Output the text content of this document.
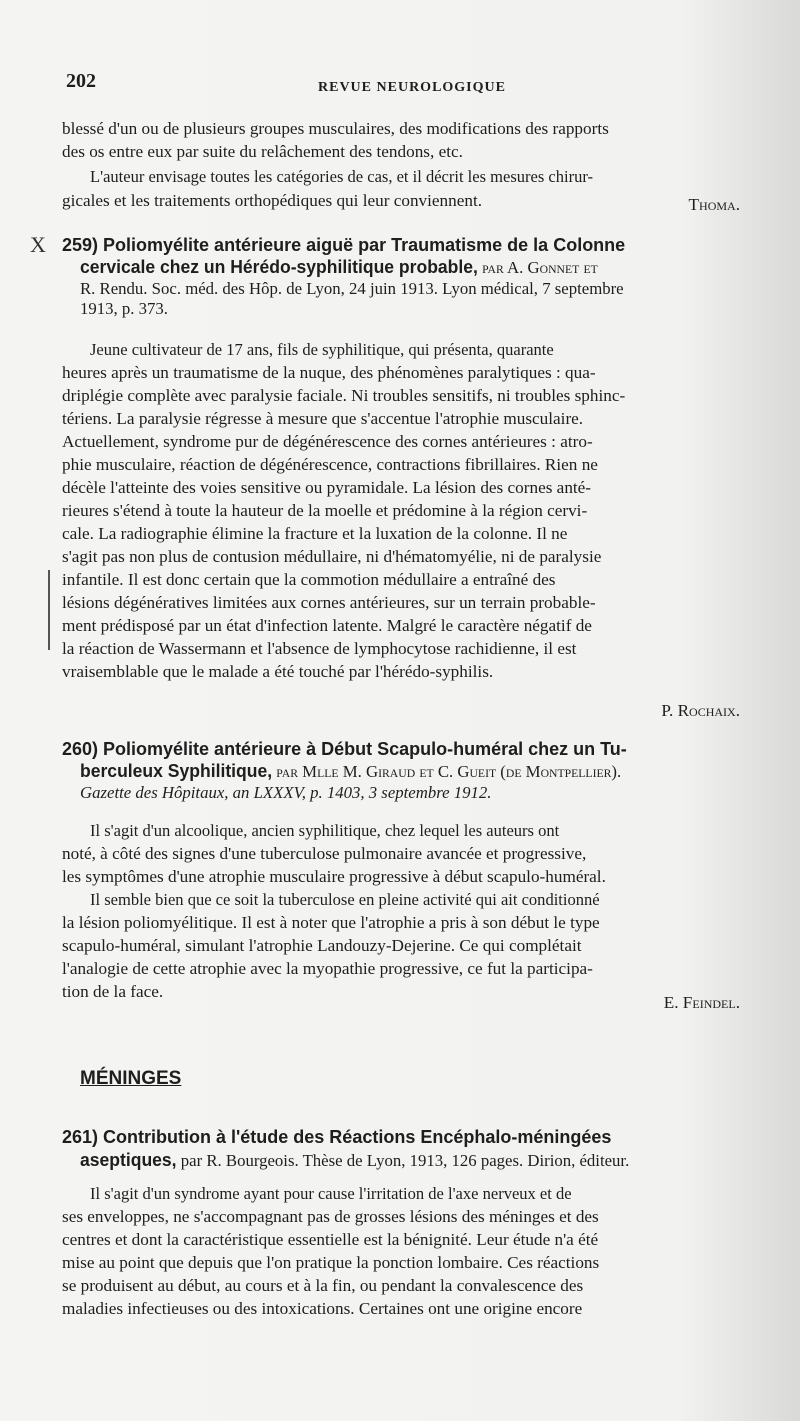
202	REVUE NEUROLOGIQUE
X
blessé d'un ou de plusieurs groupes musculaires, des modifications des rapports
des os entre eux par suite du relâchement des tendons, etc.
L'auteur envisage toutes les catégories de cas, et il décrit les mesures chirur-
gicales et les traitements orthopédiques qui leur conviennent.	Thoma.
259) Poliomyélite antérieure aiguë par Traumatisme de la Colonne
cervicale chez un Hérédo-syphilitique probable, par A. Gonnet et
R. Rendu. Soc. méd. des Hôp. de Lyon, 24 juin 1913. Lyon médical, 7 septembre
1913, p. 373.
Jeune cultivateur de 17 ans, fils de syphilitique, qui présenta, quarante
heures après un traumatisme de la nuque, des phénomènes paralytiques : qua-
driplégie complète avec paralysie faciale. Ni troubles sensitifs, ni troubles sphinc-
tériens. La paralysie régresse à mesure que s'accentue l'atrophie musculaire.
Actuellement, syndrome pur de dégénérescence des cornes antérieures : atro-
phie musculaire, réaction de dégénérescence, contractions fibrillaires. Rien ne
décèle l'atteinte des voies sensitive ou pyramidale. La lésion des cornes anté-
rieures s'étend à toute la hauteur de la moelle et prédomine à la région cervi-
cale. La radiographie élimine la fracture et la luxation de la colonne. Il ne
s'agit pas non plus de contusion médullaire, ni d'hématomyélie, ni de paralysie
infantile. Il est donc certain que la commotion médullaire a entraîné des
lésions dégénératives limitées aux cornes antérieures, sur un terrain probable-
ment prédisposé par un état d'infection latente. Malgré le caractère négatif de
la réaction de Wassermann et l'absence de lymphocytose rachidienne, il est
vraisemblable que le malade a été touché par l'hérédo-syphilis.
P. Rochaix.
260) Poliomyélite antérieure à Début Scapulo-huméral chez un Tu-
berculeux Syphilitique, par Mlle M. Giraud et C. Gueit (de Montpellier).
Gazette des Hôpitaux, an LXXXV, p. 1403, 3 septembre 1912.
Il s'agit d'un alcoolique, ancien syphilitique, chez lequel les auteurs ont
noté, à côté des signes d'une tuberculose pulmonaire avancée et progressive,
les symptômes d'une atrophie musculaire progressive à début scapulo-huméral.
Il semble bien que ce soit la tuberculose en pleine activité qui ait conditionné
la lésion poliomyélitique. Il est à noter que l'atrophie a pris à son début le type
scapulo-huméral, simulant l'atrophie Landouzy-Dejerine. Ce qui complétait
l'analogie de cette atrophie avec la myopathie progressive, ce fut la participa-
tion de la face.
E. Feindel.
MÉNINGES
261) Contribution à l'étude des Réactions Encéphalo-méningées
aseptiques, par R. Bourgeois. Thèse de Lyon, 1913, 126 pages. Dirion, éditeur.
Il s'agit d'un syndrome ayant pour cause l'irritation de l'axe nerveux et de
ses enveloppes, ne s'accompagnant pas de grosses lésions des méninges et des
centres et dont la caractéristique essentielle est la bénignité. Leur étude n'a été
mise au point que depuis que l'on pratique la ponction lombaire. Ces réactions
se produisent au début, au cours et à la fin, ou pendant la convalescence des
maladies infectieuses ou des intoxications. Certaines ont une origine encore
